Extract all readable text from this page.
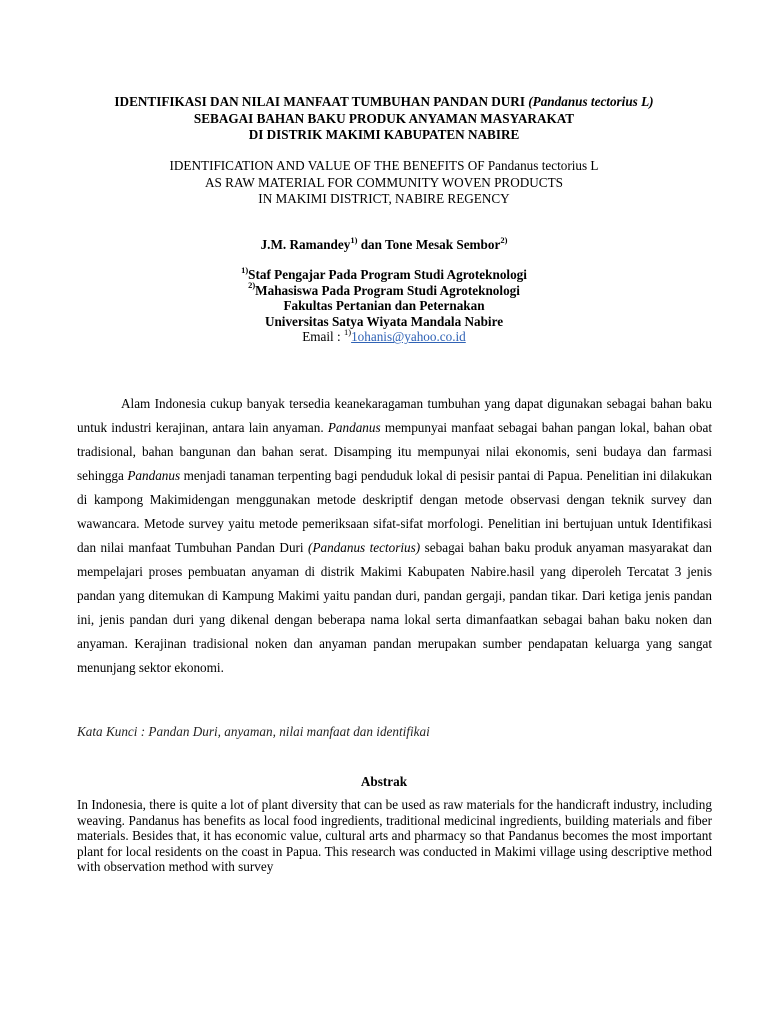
IDENTIFIKASI DAN NILAI MANFAAT TUMBUHAN PANDAN DURI (Pandanus tectorius L)
SEBAGAI BAHAN BAKU PRODUK ANYAMAN MASYARAKAT
DI DISTRIK MAKIMI KABUPATEN NABIRE
IDENTIFICATION AND VALUE OF THE BENEFITS OF Pandanus tectorius L
AS RAW MATERIAL FOR COMMUNITY WOVEN PRODUCTS
IN MAKIMI DISTRICT, NABIRE REGENCY
J.M. Ramandey$^{1)}$ dan Tone Mesak Sembor$^{2)}$
$^{1)}$Staf Pengajar Pada Program Studi Agroteknologi
$^{2)}$Mahasiswa Pada Program Studi Agroteknologi
Fakultas Pertanian dan Peternakan
Universitas Satya Wiyata Mandala Nabire
Email : $^{1)}$1ohanis@yahoo.co.id

Alam Indonesia cukup banyak tersedia keanekaragaman tumbuhan yang dapat digunakan sebagai bahan baku untuk industri kerajinan, antara lain anyaman. Pandanus mempunyai manfaat sebagai bahan pangan lokal, bahan obat tradisional, bahan bangunan dan bahan serat. Disamping itu mempunyai nilai ekonomis, seni budaya dan farmasi sehingga Pandanus menjadi tanaman terpenting bagi penduduk lokal di pesisir pantai di Papua. Penelitian ini dilakukan di kampong Makimidengan menggunakan metode deskriptif dengan metode observasi dengan teknik survey dan wawancara. Metode survey yaitu metode pemeriksaan sifat-sifat morfologi. Penelitian ini bertujuan untuk Identifikasi dan nilai manfaat Tumbuhan Pandan Duri (Pandanus tectorius) sebagai bahan baku produk anyaman masyarakat dan mempelajari proses pembuatan anyaman di distrik Makimi Kabupaten Nabire.hasil yang diperoleh Tercatat 3 jenis pandan yang ditemukan di Kampung Makimi yaitu pandan duri, pandan gergaji, pandan tikar. Dari ketiga jenis pandan ini, jenis pandan duri yang dikenal dengan beberapa nama lokal serta dimanfaatkan sebagai bahan baku noken dan anyaman. Kerajinan tradisional noken dan anyaman pandan merupakan sumber pendapatan keluarga yang sangat menunjang sektor ekonomi.

Kata Kunci : Pandan Duri, anyaman, nilai manfaat dan identifikai
Abstrak

In Indonesia, there is quite a lot of plant diversity that can be used as raw materials for the handicraft industry, including weaving. Pandanus has benefits as local food ingredients, traditional medicinal ingredients, building materials and fiber materials. Besides that, it has economic value, cultural arts and pharmacy so that Pandanus becomes the most important plant for local residents on the coast in Papua. This research was conducted in Makimi village using descriptive method with observation method with survey
